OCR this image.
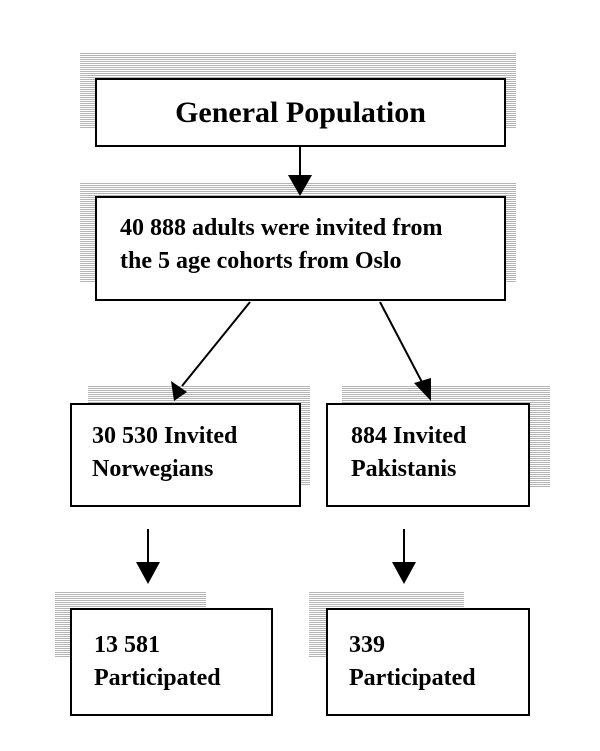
General Population
40 888 adults were invited from
the 5 age cohorts from Oslo
30 530 Invited
Norwegians
884 Invited
Pakistanis
13 581
Participated
339
Participated
